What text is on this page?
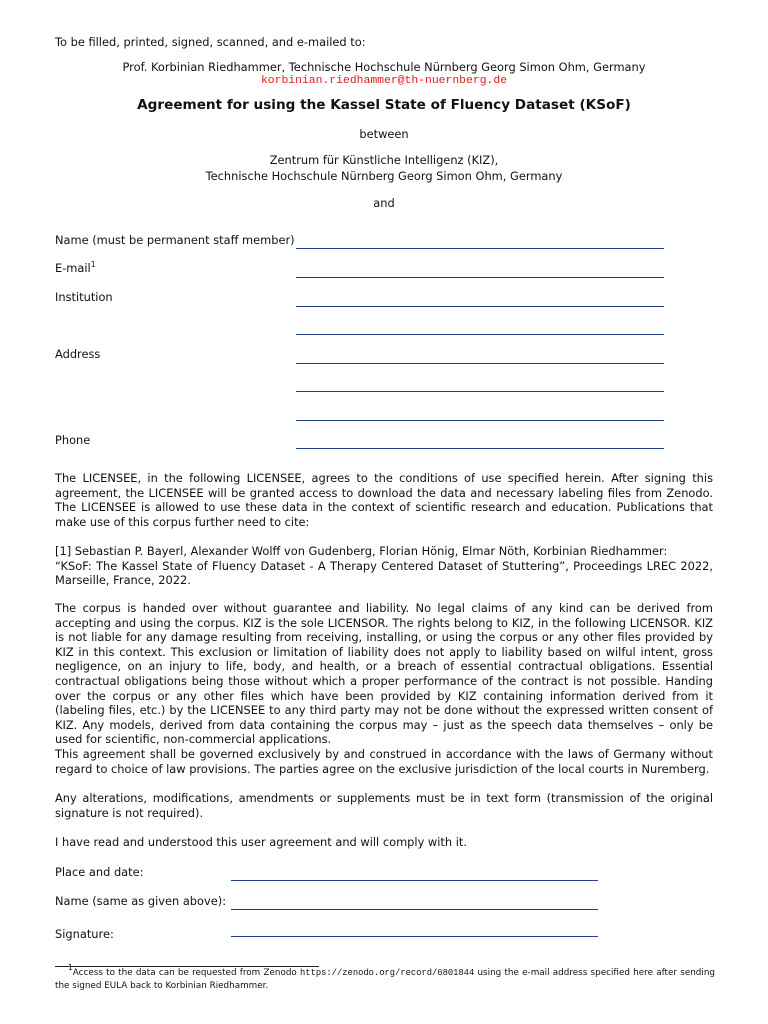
To be filled, printed, signed, scanned, and e-mailed to:
Prof. Korbinian Riedhammer, Technische Hochschule Nürnberg Georg Simon Ohm, Germany
korbinian.riedhammer@th-nuernberg.de
Agreement for using the Kassel State of Fluency Dataset (KSoF)
between
Zentrum für Künstliche Intelligenz (KIZ),
Technische Hochschule Nürnberg Georg Simon Ohm, Germany
and
Name (must be permanent staff member)
E-mail$^1$
Institution
Address
Phone

The LICENSEE, in the following LICENSEE, agrees to the conditions of use specified herein. After signing this agreement, the LICENSEE will be granted access to download the data and necessary labeling files from Zenodo. The LICENSEE is allowed to use these data in the context of scientific research and education. Publications that make use of this corpus further need to cite:

[1] Sebastian P. Bayerl, Alexander Wolff von Gudenberg, Florian Hönig, Elmar Nöth, Korbinian Riedhammer:
“KSoF: The Kassel State of Fluency Dataset - A Therapy Centered Dataset of Stuttering”, Proceedings LREC 2022, Marseille, France, 2022.

The corpus is handed over without guarantee and liability. No legal claims of any kind can be derived from accepting and using the corpus. KIZ is the sole LICENSOR. The rights belong to KIZ, in the following LICENSOR. KIZ is not liable for any damage resulting from receiving, installing, or using the corpus or any other files provided by KIZ in this context. This exclusion or limitation of liability does not apply to liability based on wilful intent, gross negligence, on an injury to life, body, and health, or a breach of essential contractual obligations. Essential contractual obligations being those without which a proper performance of the contract is not possible. Handing over the corpus or any other files which have been provided by KIZ containing information derived from it (labeling files, etc.) by the LICENSEE to any third party may not be done without the expressed written consent of KIZ. Any models, derived from data containing the corpus may – just as the speech data themselves – only be used for scientific, non-commercial applications.

This agreement shall be governed exclusively by and construed in accordance with the laws of Germany without regard to choice of law provisions. The parties agree on the exclusive jurisdiction of the local courts in Nuremberg.

Any alterations, modifications, amendments or supplements must be in text form (transmission of the original signature is not required).

I have read and understood this user agreement and will comply with it.

Place and date:
Name (same as given above):
Signature:
$^1$Access to the data can be requested from Zenodo https://zenodo.org/record/6801844 using the e-mail address specified here after sending the signed EULA back to Korbinian Riedhammer.
